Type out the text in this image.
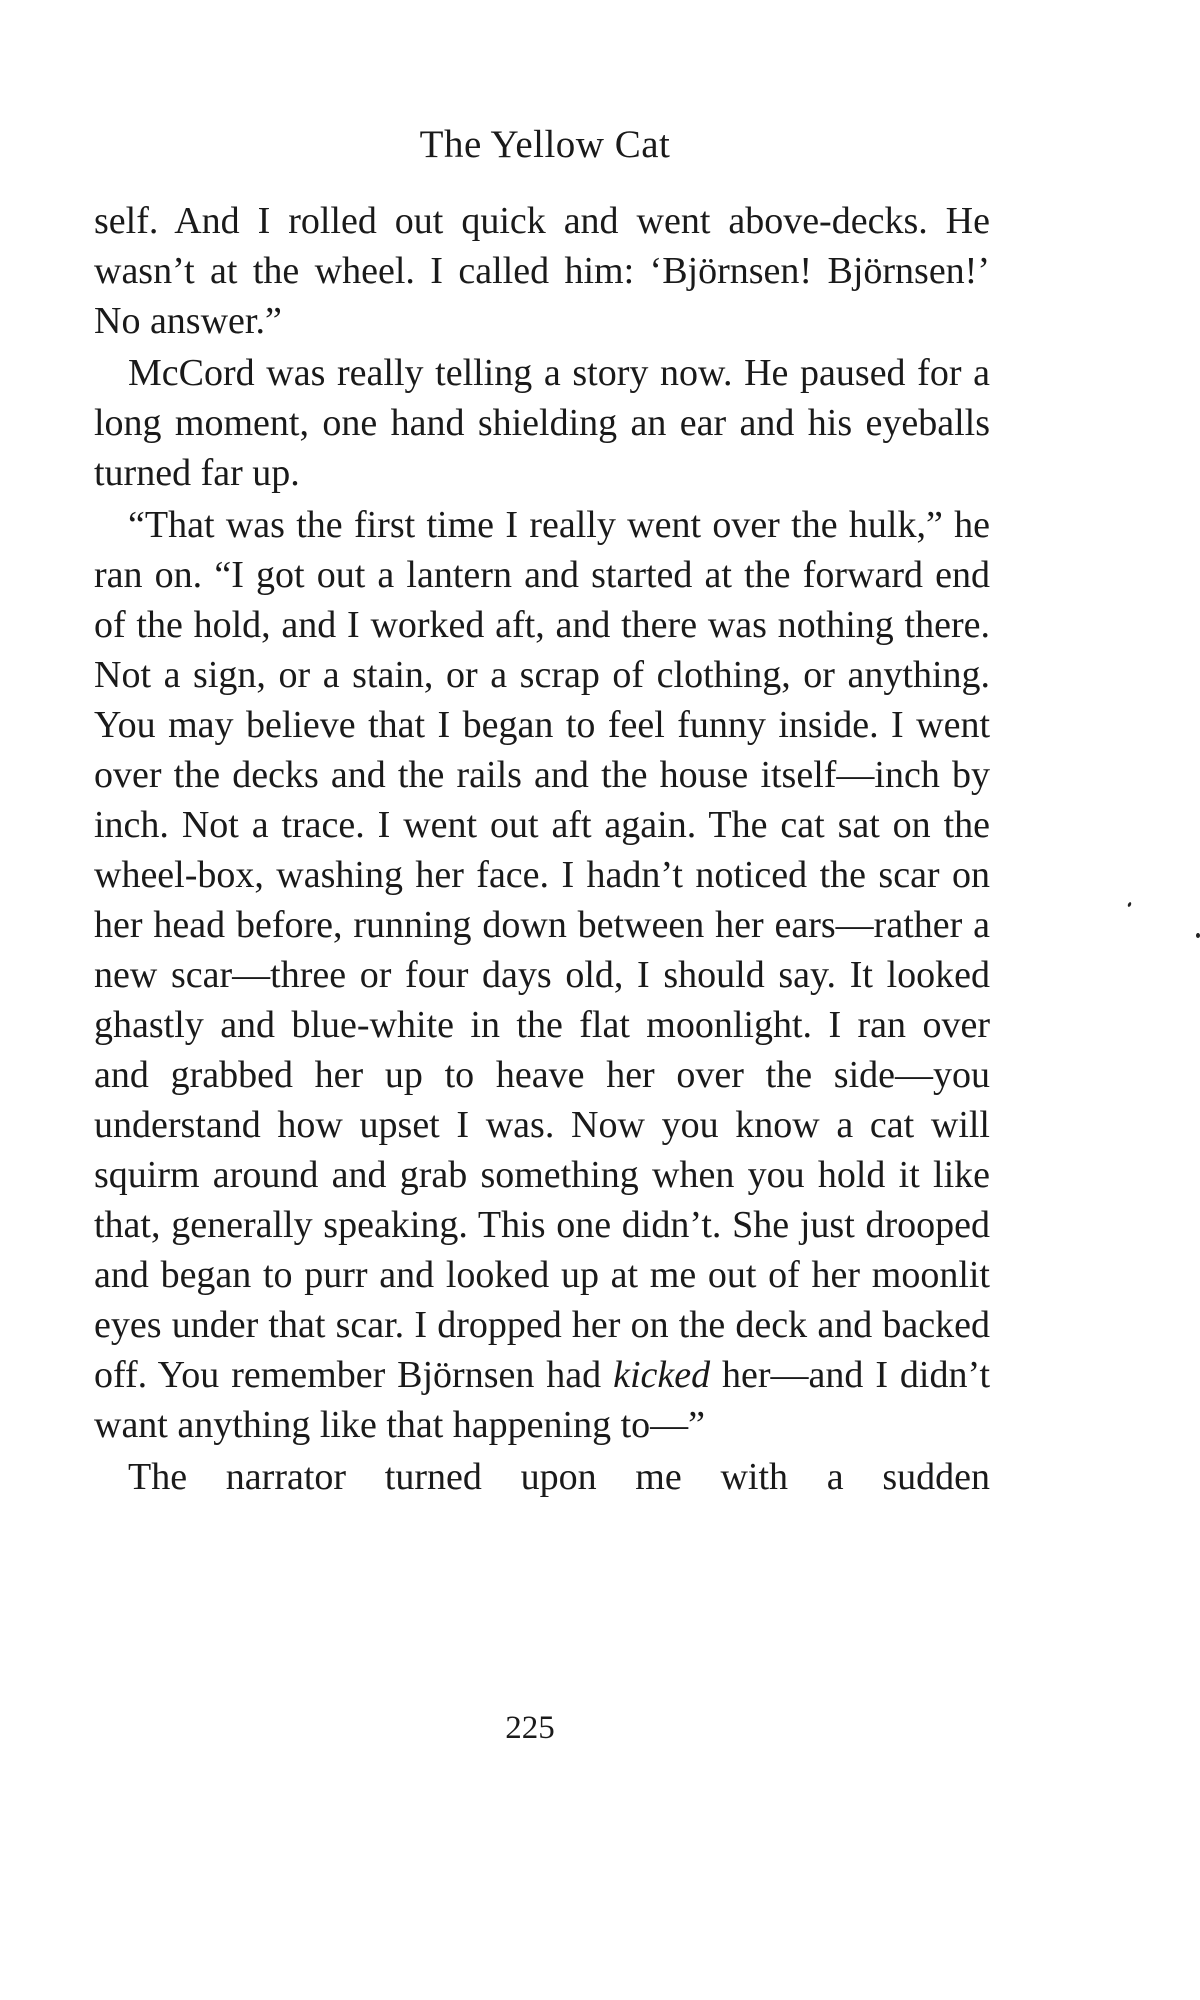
The Yellow Cat

self. And I rolled out quick and went above-decks. He wasn’t at the wheel. I called him: ‘Björnsen! Björnsen!’ No answer.”

McCord was really telling a story now. He paused for a long moment, one hand shielding an ear and his eyeballs turned far up.

“That was the first time I really went over the hulk,” he ran on. “I got out a lantern and started at the forward end of the hold, and I worked aft, and there was nothing there. Not a sign, or a stain, or a scrap of clothing, or anything. You may believe that I began to feel funny inside. I went over the decks and the rails and the house itself—inch by inch. Not a trace. I went out aft again. The cat sat on the wheel-box, washing her face. I hadn’t noticed the scar on her head before, running down between her ears—rather a new scar—three or four days old, I should say. It looked ghastly and blue-white in the flat moonlight. I ran over and grabbed her up to heave her over the side—you understand how upset I was. Now you know a cat will squirm around and grab something when you hold it like that, generally speaking. This one didn’t. She just drooped and began to purr and looked up at me out of her moonlit eyes under that scar. I dropped her on the deck and backed off. You remember Björnsen had kicked her—and I didn’t want anything like that happening to—”

The narrator turned upon me with a sudden

225
